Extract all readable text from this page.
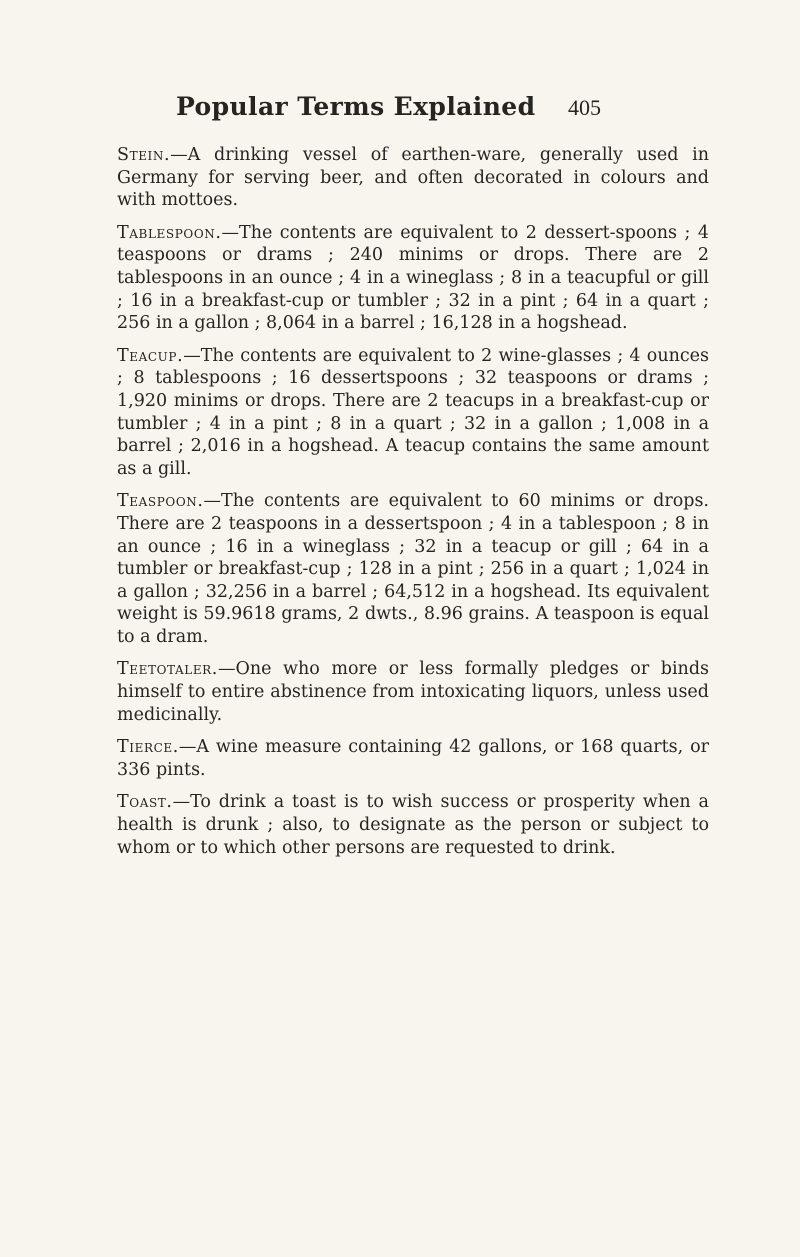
Popular Terms Explained 405

Stein.—A drinking vessel of earthen-ware, generally used in Germany for serving beer, and often decorated in colours and with mottoes.

Tablespoon.—The contents are equivalent to 2 dessert-spoons ; 4 teaspoons or drams ; 240 minims or drops. There are 2 tablespoons in an ounce ; 4 in a wineglass ; 8 in a teacupful or gill ; 16 in a breakfast-cup or tumbler ; 32 in a pint ; 64 in a quart ; 256 in a gallon ; 8,064 in a barrel ; 16,128 in a hogshead.

Teacup.—The contents are equivalent to 2 wine-glasses ; 4 ounces ; 8 tablespoons ; 16 dessertspoons ; 32 teaspoons or drams ; 1,920 minims or drops. There are 2 teacups in a breakfast-cup or tumbler ; 4 in a pint ; 8 in a quart ; 32 in a gallon ; 1,008 in a barrel ; 2,016 in a hogshead. A teacup contains the same amount as a gill.

Teaspoon.—The contents are equivalent to 60 minims or drops. There are 2 teaspoons in a dessertspoon ; 4 in a tablespoon ; 8 in an ounce ; 16 in a wineglass ; 32 in a teacup or gill ; 64 in a tumbler or breakfast-cup ; 128 in a pint ; 256 in a quart ; 1,024 in a gallon ; 32,256 in a barrel ; 64,512 in a hogshead. Its equivalent weight is 59.9618 grams, 2 dwts., 8.96 grains. A teaspoon is equal to a dram.

Teetotaler.—One who more or less formally pledges or binds himself to entire abstinence from intoxicating liquors, unless used medicinally.

Tierce.—A wine measure containing 42 gallons, or 168 quarts, or 336 pints.

Toast.—To drink a toast is to wish success or prosperity when a health is drunk ; also, to designate as the person or subject to whom or to which other persons are requested to drink.
